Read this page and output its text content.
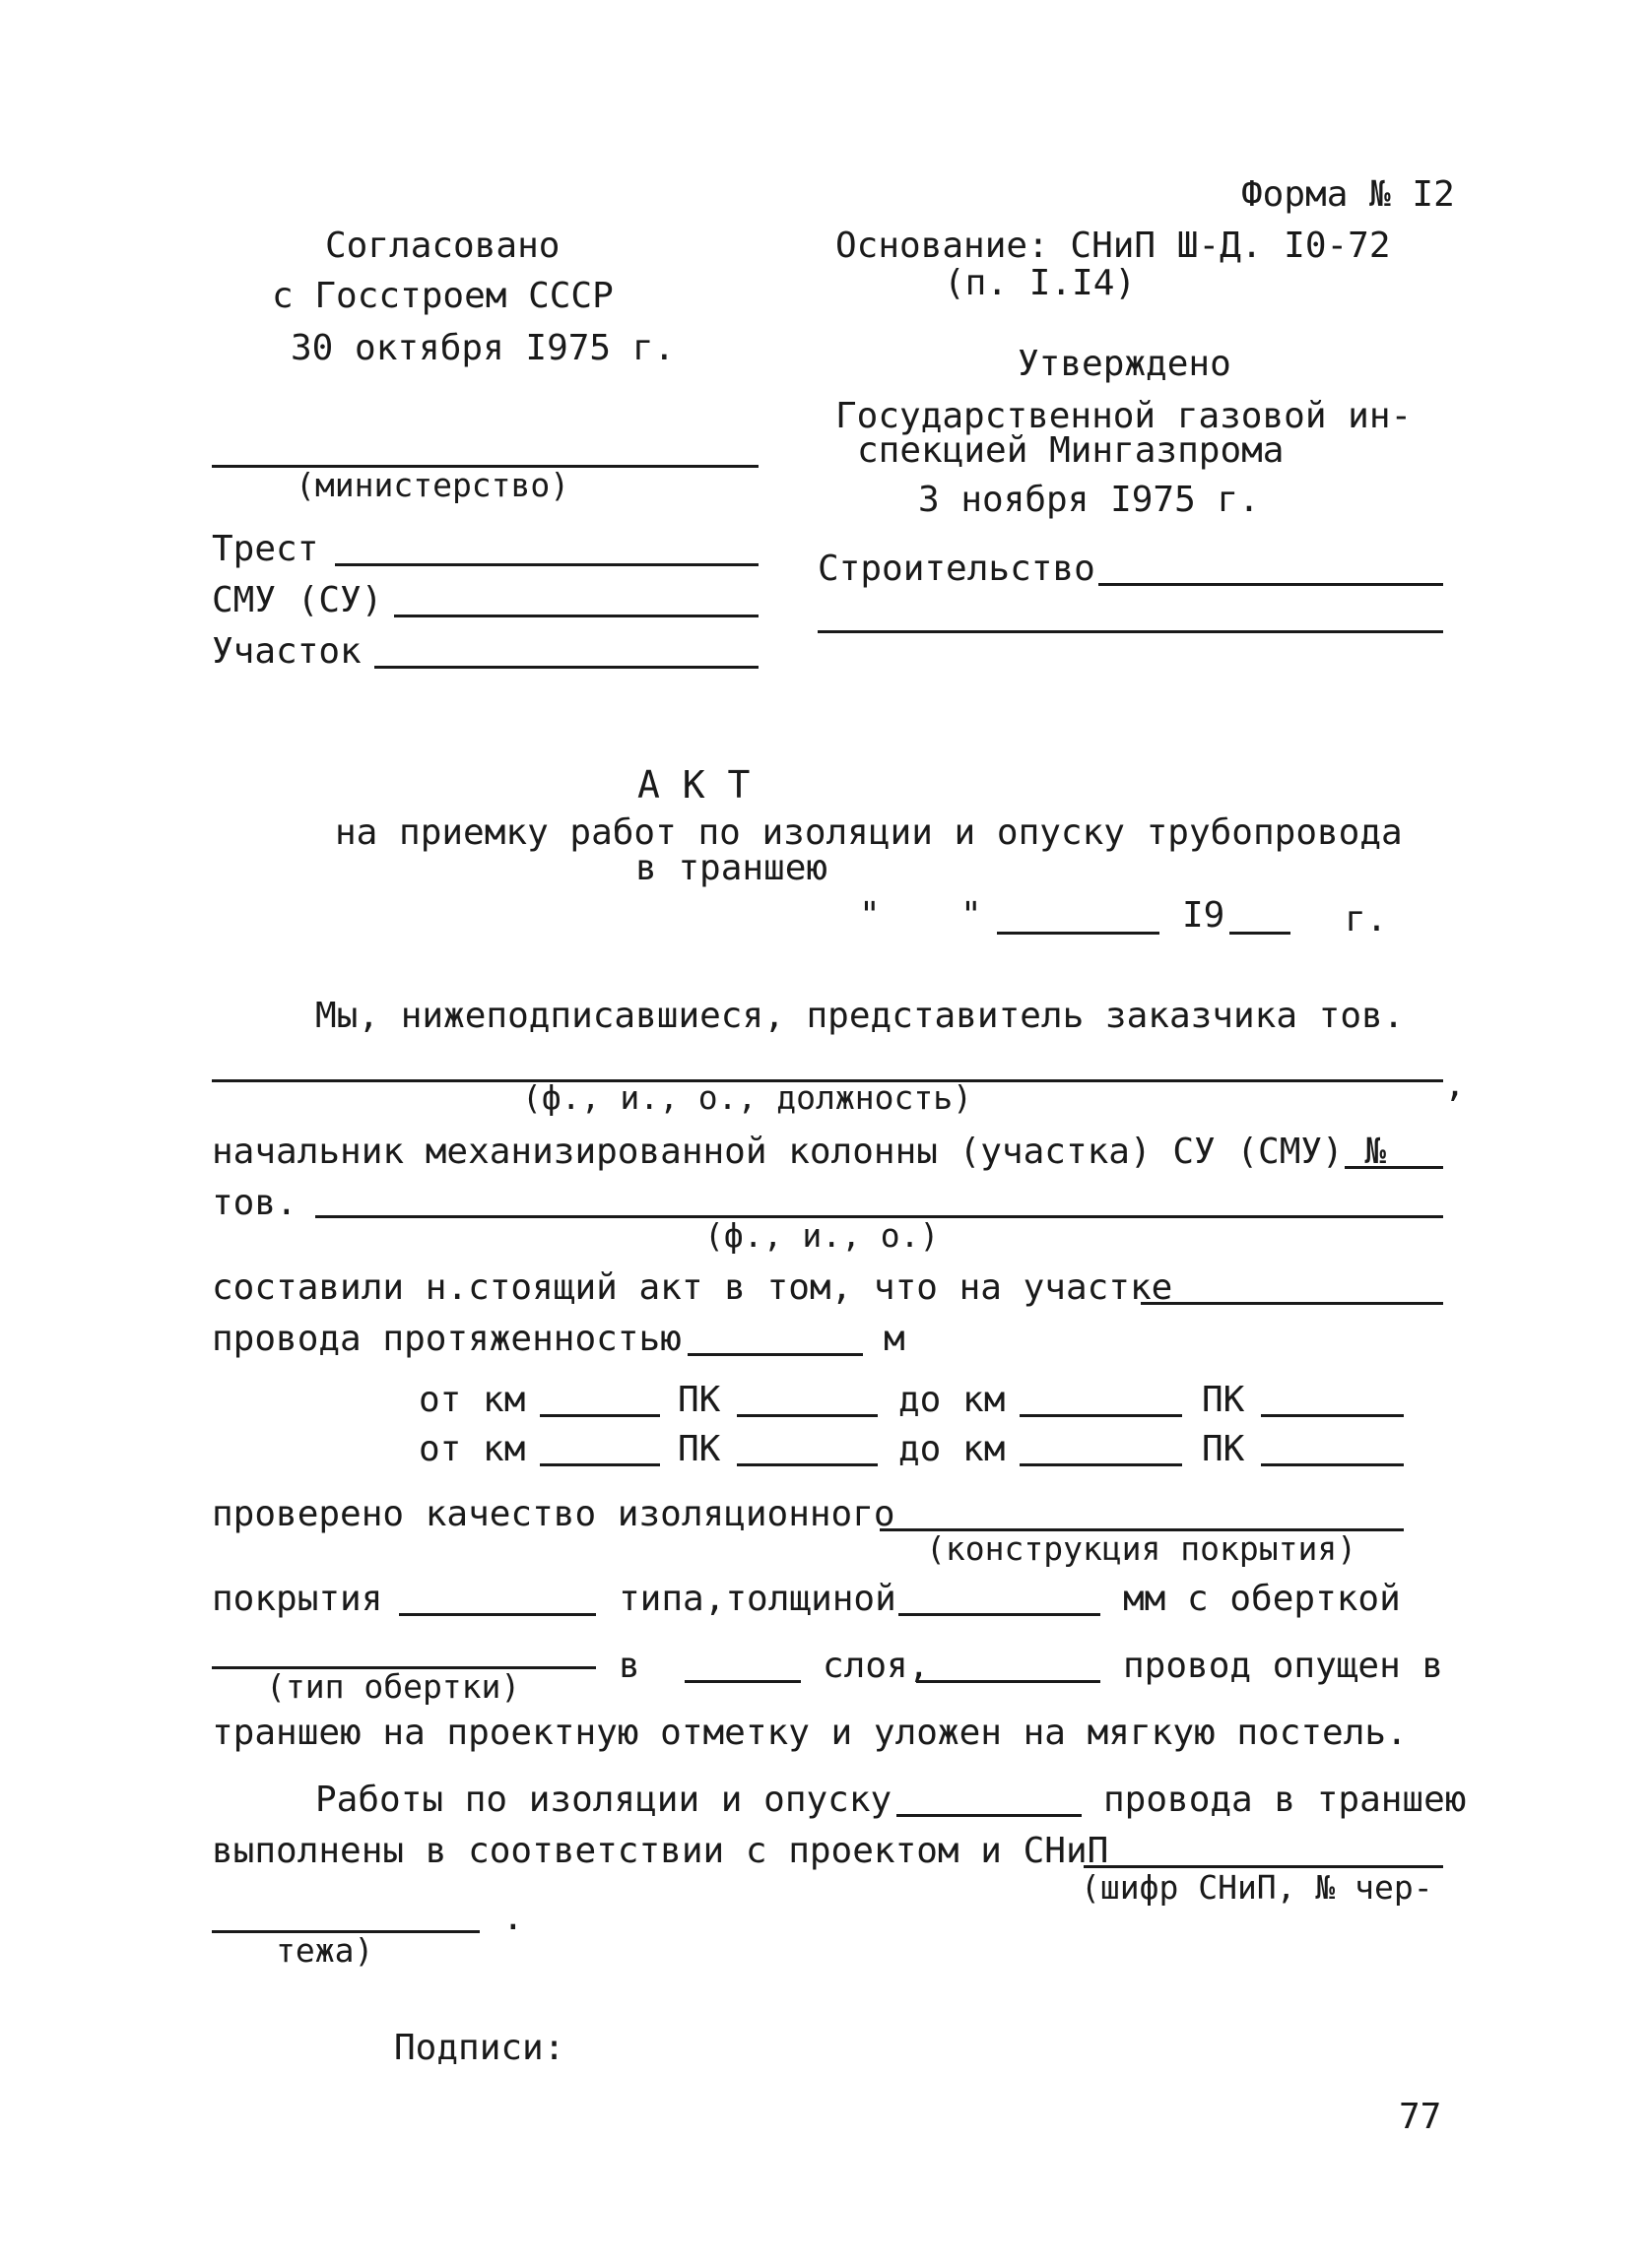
Форма № I2
Согласовано
с Госстроем СССР
30 октября I975 г.
Основание: СНиП Ш-Д. I0-72
(п. I.I4)
Утверждено
Государственной газовой ин-
спекцией Мингазпрома
3 ноября I975 г.
(министерство)
Трест
СМУ (СУ)
Участок
Строительство
А К Т
на приемку работ по изоляции и опуску трубопровода
в траншею
" "	I9	г.
Мы, нижеподписавшиеся, представитель заказчика тов.
(ф., и., о., должность)	,
начальник механизированной колонны (участка) СУ (СМУ) №
тов.
(ф., и., о.)
составили н.стоящий акт в том, что на участке
провода протяженностью	м
от км	ПК	до км	ПК
от км	ПК	до км	ПК
проверено качество изоляционного
(конструкция покрытия)
покрытия	типа,толщиной	мм с оберткой
(тип обертки)
в	слоя,	провод опущен в
траншею на проектную отметку и уложен на мягкую постель.
Работы по изоляции и опуску	провода в траншею
выполнены в соответствии с проектом и СНиП
(шифр СНиП, № чер-
.
тежа)
Подписи:
77
